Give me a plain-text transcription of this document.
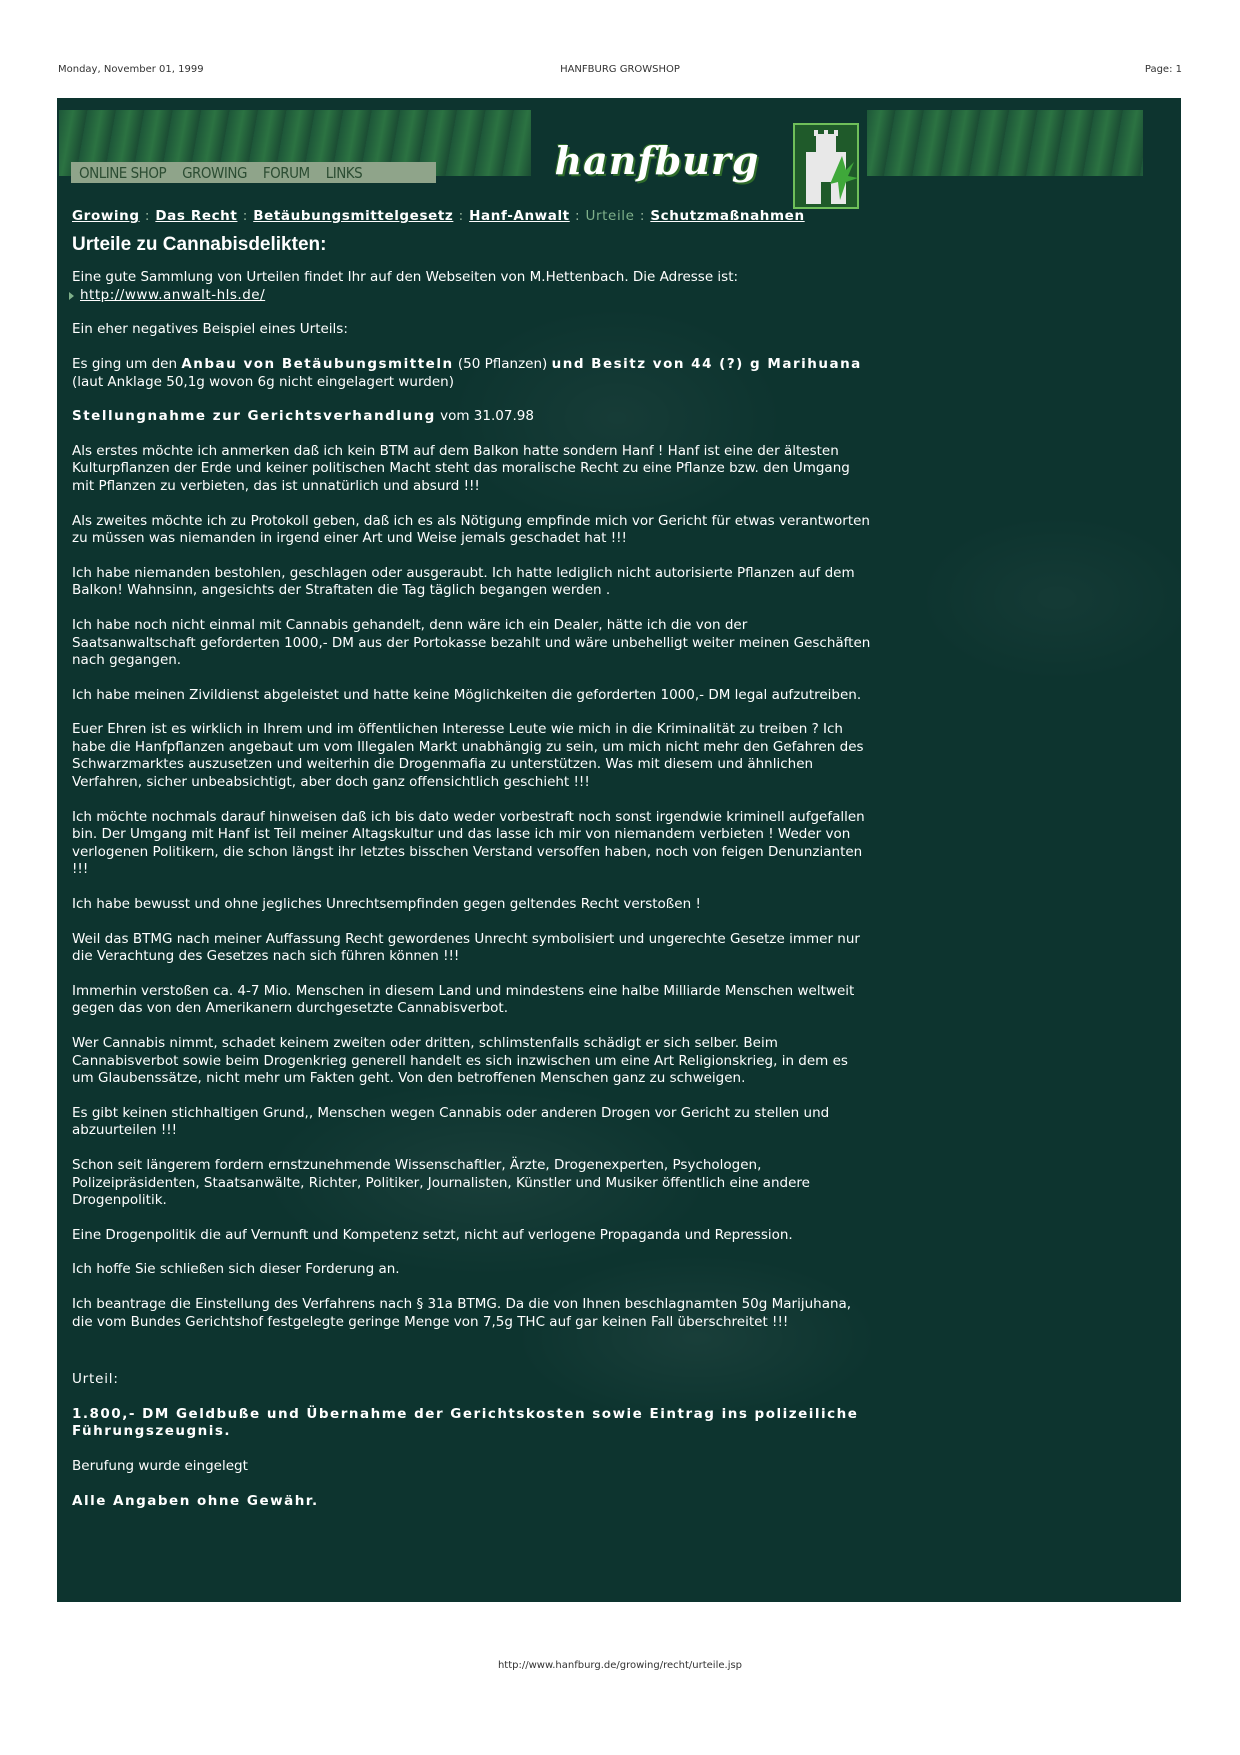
Monday, November 01, 1999	HANFBURG GROWSHOP	Page: 1
ONLINE SHOP	GROWING	FORUM	LINKS	hanfburg
Growing : Das Recht : Betäubungsmittelgesetz : Hanf-Anwalt : Urteile : Schutzmaßnahmen
Urteile zu Cannabisdelikten:

Eine gute Sammlung von Urteilen findet Ihr auf den Webseiten von M.Hettenbach. Die Adresse ist:

http://www.anwalt-hls.de/

Ein eher negatives Beispiel eines Urteils:

Es ging um den Anbau von Betäubungsmitteln (50 Pflanzen) und Besitz von 44 (?) g Marihuana (laut Anklage 50,1g wovon 6g nicht eingelagert wurden)

Stellungnahme zur Gerichtsverhandlung vom 31.07.98

Als erstes möchte ich anmerken daß ich kein BTM auf dem Balkon hatte sondern Hanf ! Hanf ist eine der ältesten Kulturpflanzen der Erde und keiner politischen Macht steht das moralische Recht zu eine Pflanze bzw. den Umgang mit Pflanzen zu verbieten, das ist unnatürlich und absurd !!!

Als zweites möchte ich zu Protokoll geben, daß ich es als Nötigung empfinde mich vor Gericht für etwas verantworten zu müssen was niemanden in irgend einer Art und Weise jemals geschadet hat !!!

Ich habe niemanden bestohlen, geschlagen oder ausgeraubt. Ich hatte lediglich nicht autorisierte Pflanzen auf dem Balkon! Wahnsinn, angesichts der Straftaten die Tag täglich begangen werden .

Ich habe noch nicht einmal mit Cannabis gehandelt, denn wäre ich ein Dealer, hätte ich die von der Saatsanwaltschaft geforderten 1000,- DM aus der Portokasse bezahlt und wäre unbehelligt weiter meinen Geschäften nach gegangen.

Ich habe meinen Zivildienst abgeleistet und hatte keine Möglichkeiten die geforderten 1000,- DM legal aufzutreiben.

Euer Ehren ist es wirklich in Ihrem und im öffentlichen Interesse Leute wie mich in die Kriminalität zu treiben ? Ich habe die Hanfpflanzen angebaut um vom Illegalen Markt unabhängig zu sein, um mich nicht mehr den Gefahren des Schwarzmarktes auszusetzen und weiterhin die Drogenmafia zu unterstützen. Was mit diesem und ähnlichen Verfahren, sicher unbeabsichtigt, aber doch ganz offensichtlich geschieht !!!

Ich möchte nochmals darauf hinweisen daß ich bis dato weder vorbestraft noch sonst irgendwie kriminell aufgefallen bin. Der Umgang mit Hanf ist Teil meiner Altagskultur und das lasse ich mir von niemandem verbieten ! Weder von verlogenen Politikern, die schon längst ihr letztes bisschen Verstand versoffen haben, noch von feigen Denunzianten !!!

Ich habe bewusst und ohne jegliches Unrechtsempfinden gegen geltendes Recht verstoßen !

Weil das BTMG nach meiner Auffassung Recht gewordenes Unrecht symbolisiert und ungerechte Gesetze immer nur die Verachtung des Gesetzes nach sich führen können !!!

Immerhin verstoßen ca. 4-7 Mio. Menschen in diesem Land und mindestens eine halbe Milliarde Menschen weltweit gegen das von den Amerikanern durchgesetzte Cannabisverbot.

Wer Cannabis nimmt, schadet keinem zweiten oder dritten, schlimstenfalls schädigt er sich selber. Beim Cannabisverbot sowie beim Drogenkrieg generell handelt es sich inzwischen um eine Art Religionskrieg, in dem es um Glaubenssätze, nicht mehr um Fakten geht. Von den betroffenen Menschen ganz zu schweigen.

Es gibt keinen stichhaltigen Grund,, Menschen wegen Cannabis oder anderen Drogen vor Gericht zu stellen und abzuurteilen !!!

Schon seit längerem fordern ernstzunehmende Wissenschaftler, Ärzte, Drogenexperten, Psychologen, Polizeipräsidenten, Staatsanwälte, Richter, Politiker, Journalisten, Künstler und Musiker öffentlich eine andere Drogenpolitik.

Eine Drogenpolitik die auf Vernunft und Kompetenz setzt, nicht auf verlogene Propaganda und Repression.

Ich hoffe Sie schließen sich dieser Forderung an.

Ich beantrage die Einstellung des Verfahrens nach § 31a BTMG. Da die von Ihnen beschlagnamten 50g Marijuhana, die vom Bundes Gerichtshof festgelegte geringe Menge von 7,5g THC auf gar keinen Fall überschreitet !!!

Urteil:

1.800,- DM Geldbuße und Übernahme der Gerichtskosten sowie Eintrag ins polizeiliche Führungszeugnis.

Berufung wurde eingelegt

Alle Angaben ohne Gewähr.

http://www.hanfburg.de/growing/recht/urteile.jsp
